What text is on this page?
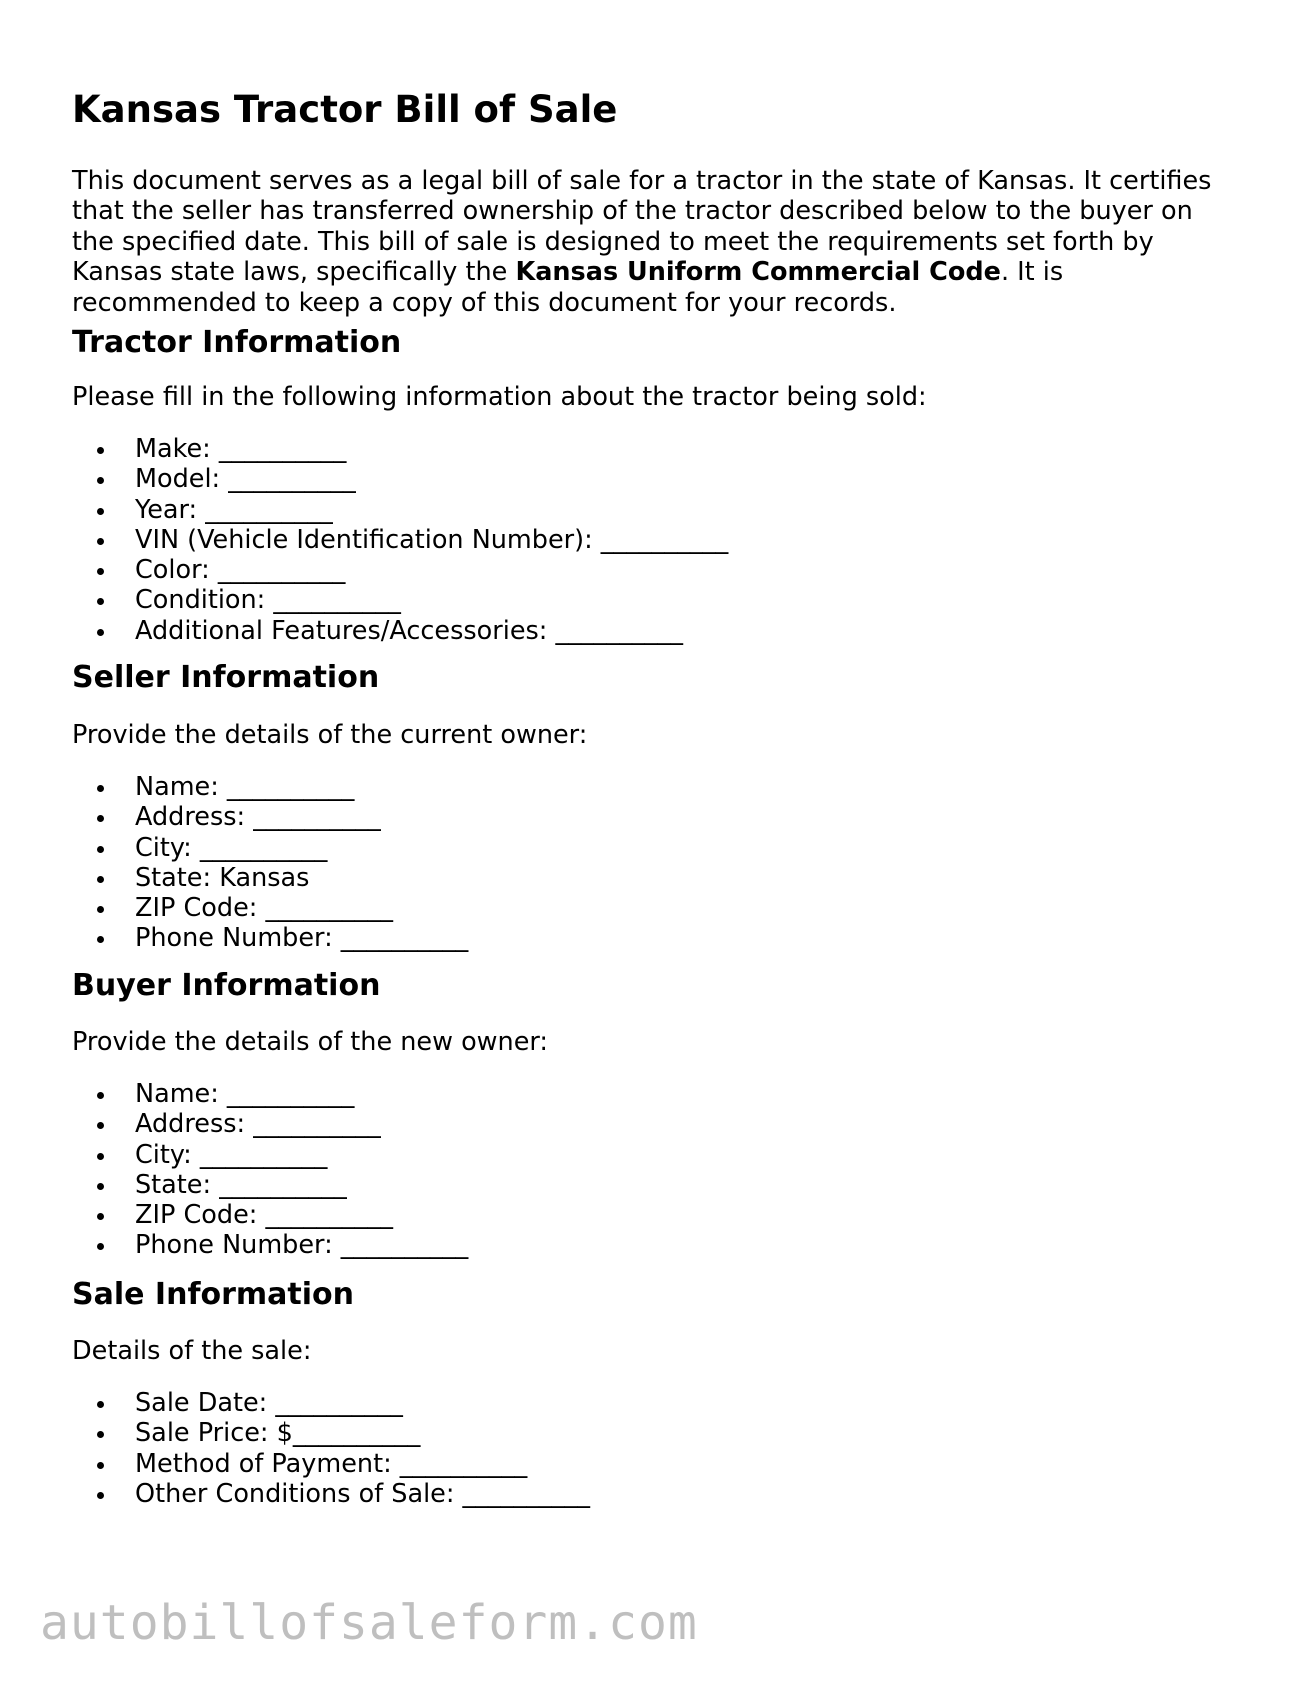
Kansas Tractor Bill of Sale

This document serves as a legal bill of sale for a tractor in the state of Kansas. It certifies that the seller has transferred ownership of the tractor described below to the buyer on the specified date. This bill of sale is designed to meet the requirements set forth by Kansas state laws, specifically the Kansas Uniform Commercial Code. It is recommended to keep a copy of this document for your records.

Tractor Information

Please fill in the following information about the tractor being sold:

Make: __________
Model: __________
Year: __________
VIN (Vehicle Identification Number): __________
Color: __________
Condition: __________
Additional Features/Accessories: __________
Seller Information

Provide the details of the current owner:

Name: __________
Address: __________
City: __________
State: Kansas
ZIP Code: __________
Phone Number: __________
Buyer Information

Provide the details of the new owner:

Name: __________
Address: __________
City: __________
State: __________
ZIP Code: __________
Phone Number: __________
Sale Information

Details of the sale:

Sale Date: __________
Sale Price: $__________
Method of Payment: __________
Other Conditions of Sale: __________
autobillofsaleform.com
